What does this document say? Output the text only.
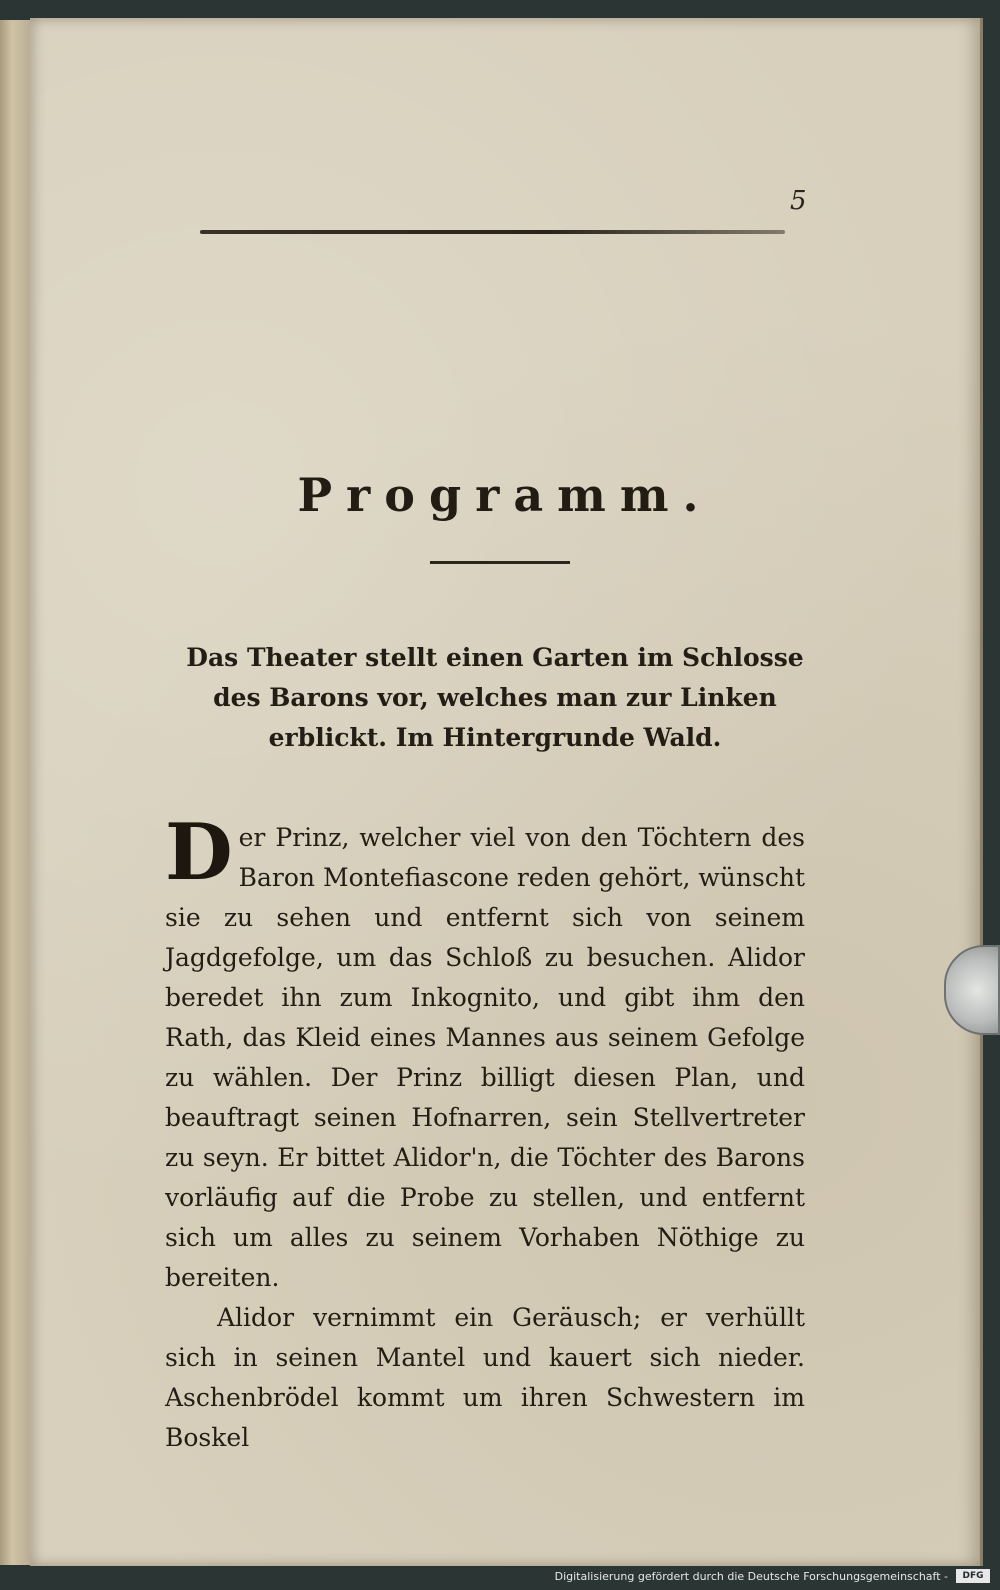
5
Programm.
Das Theater stellt einen Garten im Schlosse des Barons vor, welches man zur Linken erblickt. Im Hintergrunde Wald.

Der Prinz, welcher viel von den Töchtern des Baron Montefiascone reden gehört, wünscht sie zu sehen und entfernt sich von seinem Jagdgefolge, um das Schloß zu besuchen. Alidor beredet ihn zum Inkognito, und gibt ihm den Rath, das Kleid eines Mannes aus seinem Gefolge zu wählen. Der Prinz billigt diesen Plan, und beauftragt seinen Hofnarren, sein Stellvertreter zu seyn. Er bittet Alidor'n, die Töchter des Barons vorläufig auf die Probe zu stellen, und entfernt sich um alles zu seinem Vorhaben Nöthige zu bereiten.

Alidor vernimmt ein Geräusch; er verhüllt sich in seinen Mantel und kauert sich nieder. Aschenbrödel kommt um ihren Schwestern im Boskel

Digitalisierung gefördert durch die Deutsche Forschungsgemeinschaft -	DFG
